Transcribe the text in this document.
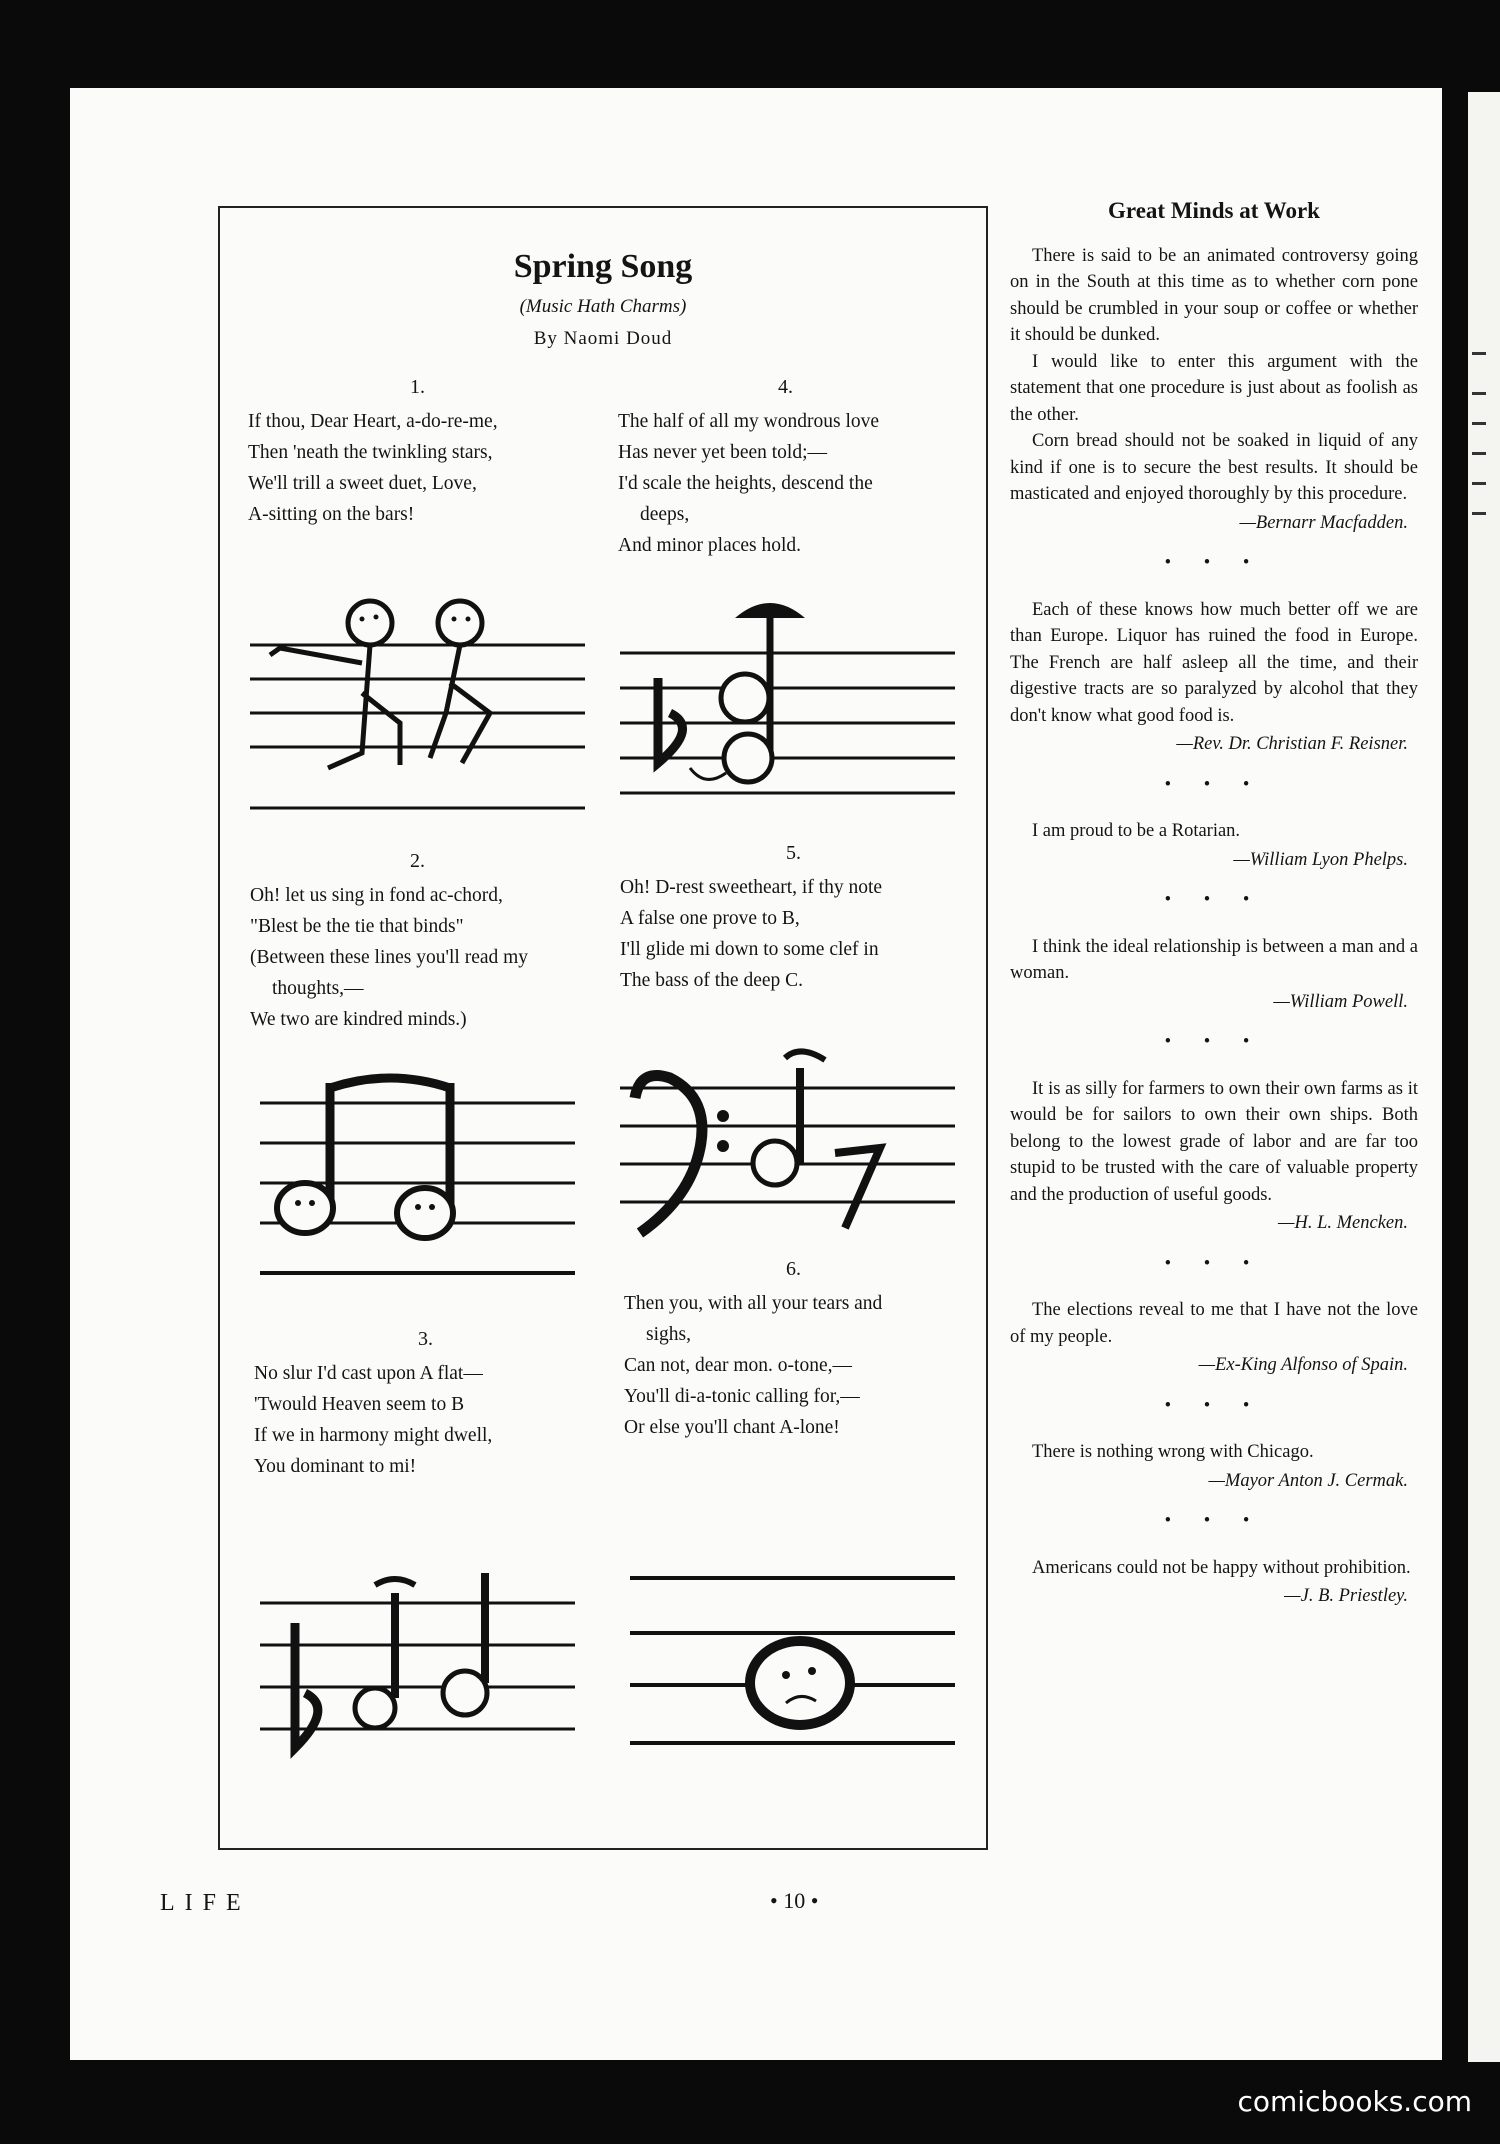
Spring Song
(Music Hath Charms)
By Naomi Doud
1.
If thou, Dear Heart, a-do-re-me,
Then 'neath the twinkling stars,
We'll trill a sweet duet, Love,
A-sitting on the bars!
4.
The half of all my wondrous love
Has never yet been told;—
I'd scale the heights, descend the
deeps,
And minor places hold.
2.
Oh! let us sing in fond ac-chord,
"Blest be the tie that binds"
(Between these lines you'll read my
thoughts,—
We two are kindred minds.)
5.
Oh! D-rest sweetheart, if thy note
A false one prove to B,
I'll glide mi down to some clef in
The bass of the deep C.
3.
No slur I'd cast upon A flat—
'Twould Heaven seem to B
If we in harmony might dwell,
You dominant to mi!
6.
Then you, with all your tears and
sighs,
Can not, dear mon. o-tone,—
You'll di-a-tonic calling for,—
Or else you'll chant A-lone!
Great Minds at Work

There is said to be an animated controversy going on in the South at this time as to whether corn pone should be crumbled in your soup or coffee or whether it should be dunked.

I would like to enter this argument with the statement that one procedure is just about as foolish as the other.

Corn bread should not be soaked in liquid of any kind if one is to secure the best results. It should be masticated and enjoyed thoroughly by this procedure.

—Bernarr Macfadden.

• • •

Each of these knows how much better off we are than Europe. Liquor has ruined the food in Europe. The French are half asleep all the time, and their digestive tracts are so paralyzed by alcohol that they don't know what good food is.

—Rev. Dr. Christian F. Reisner.

• • •

I am proud to be a Rotarian.

—William Lyon Phelps.

• • •

I think the ideal relationship is between a man and a woman.

—William Powell.

• • •

It is as silly for farmers to own their own farms as it would be for sailors to own their own ships. Both belong to the lowest grade of labor and are far too stupid to be trusted with the care of valuable property and the production of useful goods.

—H. L. Mencken.

• • •

The elections reveal to me that I have not the love of my people.

—Ex-King Alfonso of Spain.

• • •

There is nothing wrong with Chicago.

—Mayor Anton J. Cermak.

• • •

Americans could not be happy without prohibition.

—J. B. Priestley.

LIFE	• 10 •
comicbooks.com
